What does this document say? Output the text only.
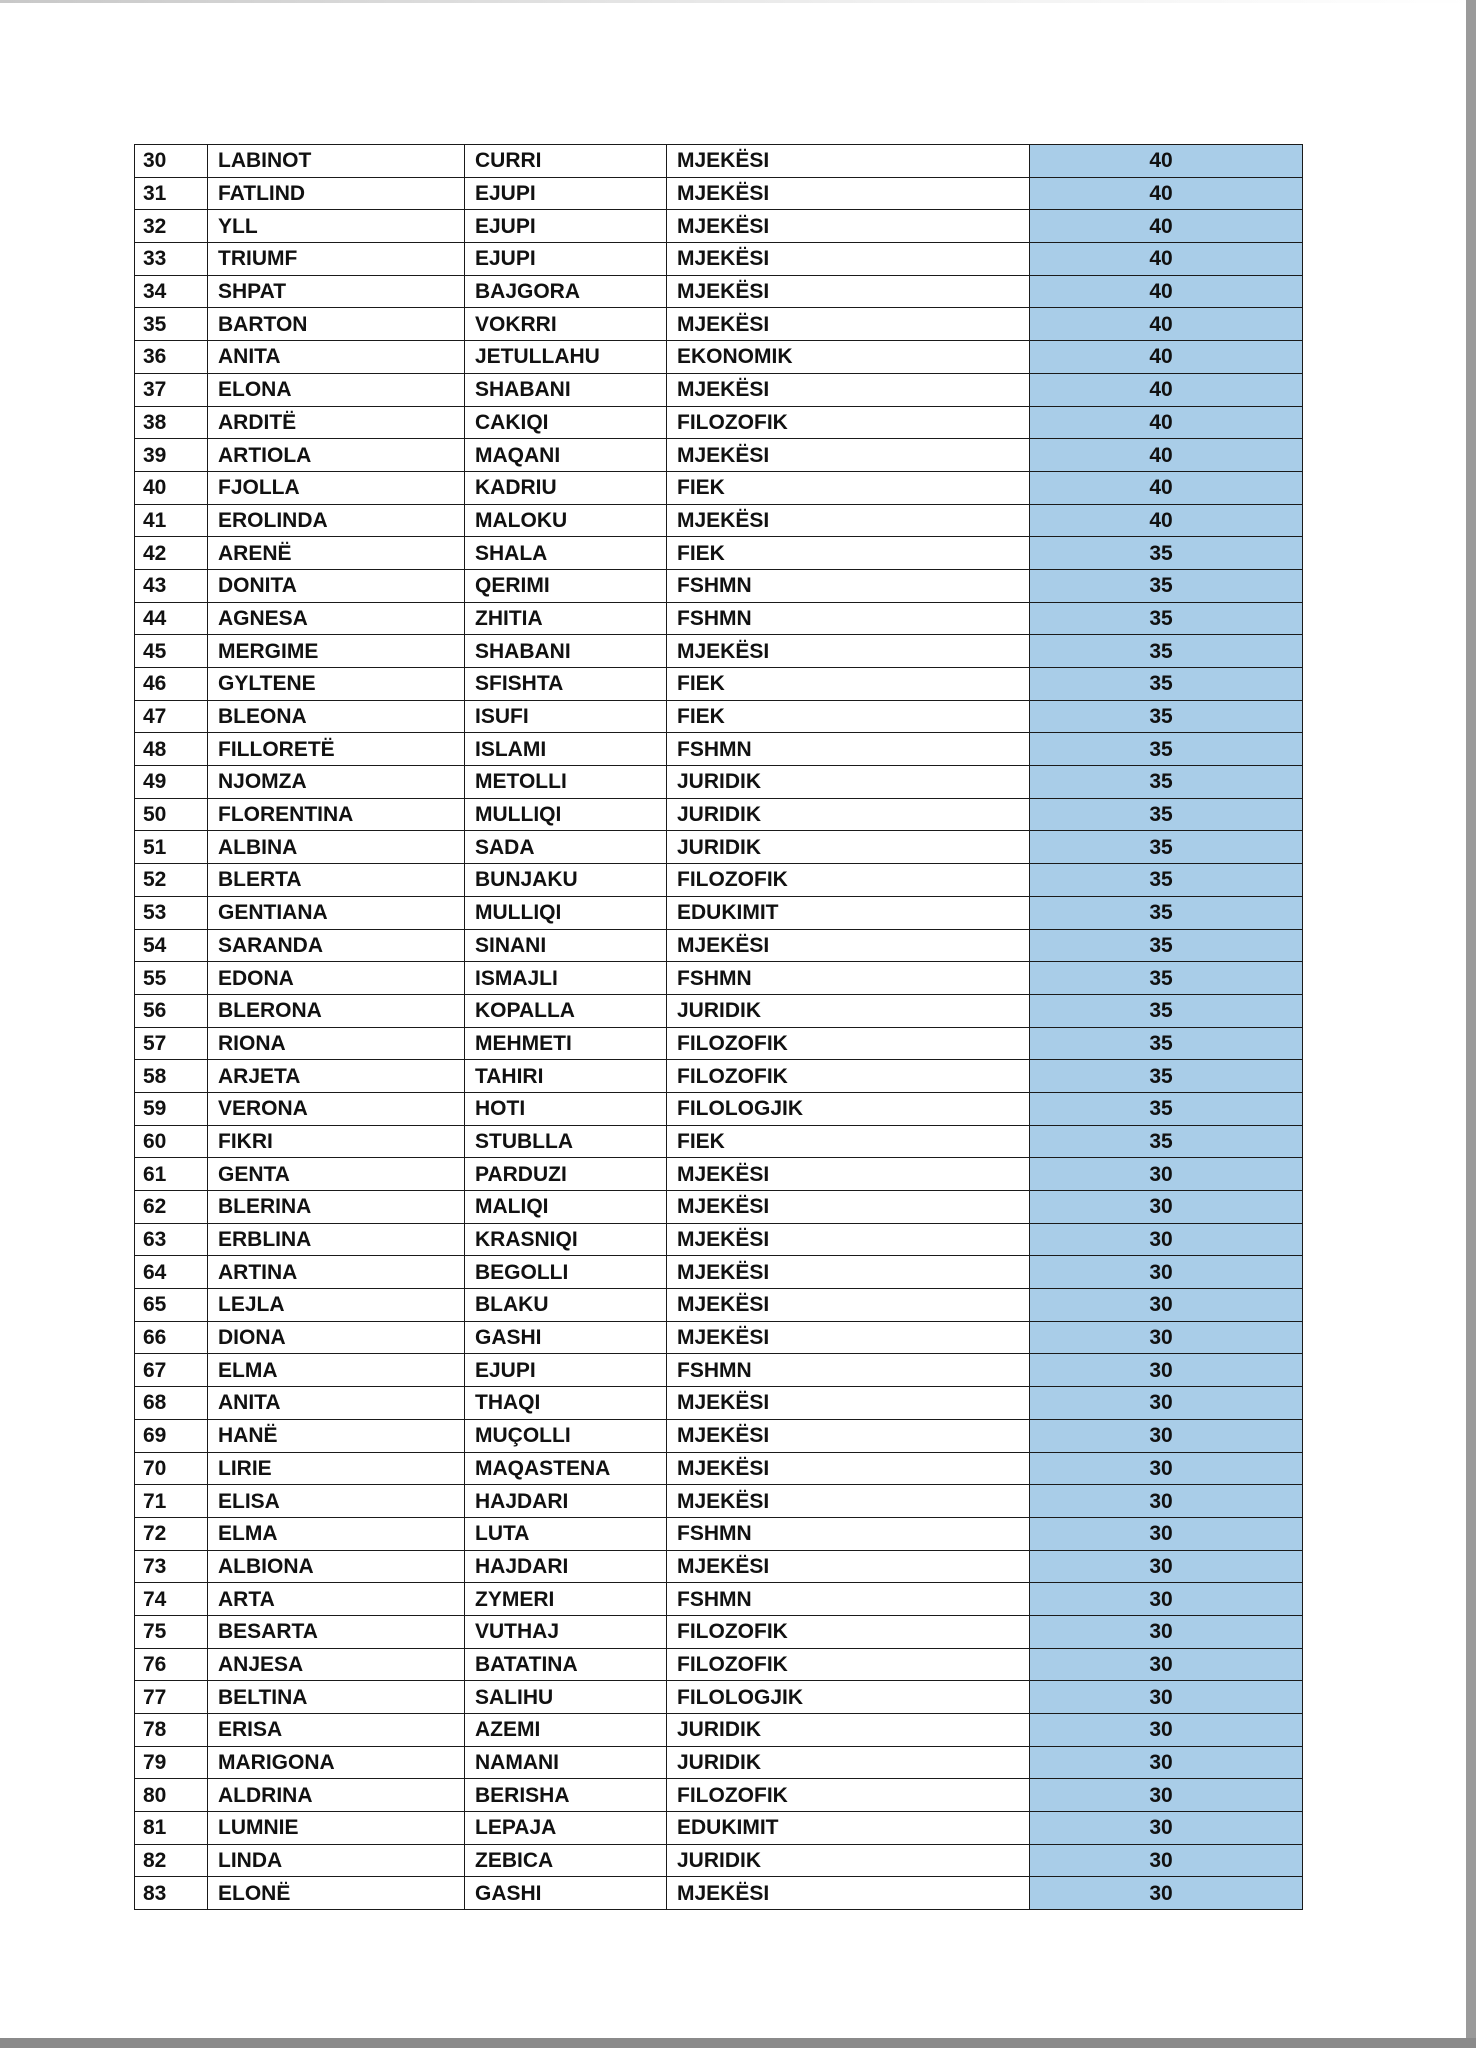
30	LABINOT	CURRI	MJEKËSI	40
31	FATLIND	EJUPI	MJEKËSI	40
32	YLL	EJUPI	MJEKËSI	40
33	TRIUMF	EJUPI	MJEKËSI	40
34	SHPAT	BAJGORA	MJEKËSI	40
35	BARTON	VOKRRI	MJEKËSI	40
36	ANITA	JETULLAHU	EKONOMIK	40
37	ELONA	SHABANI	MJEKËSI	40
38	ARDITË	CAKIQI	FILOZOFIK	40
39	ARTIOLA	MAQANI	MJEKËSI	40
40	FJOLLA	KADRIU	FIEK	40
41	EROLINDA	MALOKU	MJEKËSI	40
42	ARENË	SHALA	FIEK	35
43	DONITA	QERIMI	FSHMN	35
44	AGNESA	ZHITIA	FSHMN	35
45	MERGIME	SHABANI	MJEKËSI	35
46	GYLTENE	SFISHTA	FIEK	35
47	BLEONA	ISUFI	FIEK	35
48	FILLORETË	ISLAMI	FSHMN	35
49	NJOMZA	METOLLI	JURIDIK	35
50	FLORENTINA	MULLIQI	JURIDIK	35
51	ALBINA	SADA	JURIDIK	35
52	BLERTA	BUNJAKU	FILOZOFIK	35
53	GENTIANA	MULLIQI	EDUKIMIT	35
54	SARANDA	SINANI	MJEKËSI	35
55	EDONA	ISMAJLI	FSHMN	35
56	BLERONA	KOPALLA	JURIDIK	35
57	RIONA	MEHMETI	FILOZOFIK	35
58	ARJETA	TAHIRI	FILOZOFIK	35
59	VERONA	HOTI	FILOLOGJIK	35
60	FIKRI	STUBLLA	FIEK	35
61	GENTA	PARDUZI	MJEKËSI	30
62	BLERINA	MALIQI	MJEKËSI	30
63	ERBLINA	KRASNIQI	MJEKËSI	30
64	ARTINA	BEGOLLI	MJEKËSI	30
65	LEJLA	BLAKU	MJEKËSI	30
66	DIONA	GASHI	MJEKËSI	30
67	ELMA	EJUPI	FSHMN	30
68	ANITA	THAQI	MJEKËSI	30
69	HANË	MUÇOLLI	MJEKËSI	30
70	LIRIE	MAQASTENA	MJEKËSI	30
71	ELISA	HAJDARI	MJEKËSI	30
72	ELMA	LUTA	FSHMN	30
73	ALBIONA	HAJDARI	MJEKËSI	30
74	ARTA	ZYMERI	FSHMN	30
75	BESARTA	VUTHAJ	FILOZOFIK	30
76	ANJESA	BATATINA	FILOZOFIK	30
77	BELTINA	SALIHU	FILOLOGJIK	30
78	ERISA	AZEMI	JURIDIK	30
79	MARIGONA	NAMANI	JURIDIK	30
80	ALDRINA	BERISHA	FILOZOFIK	30
81	LUMNIE	LEPAJA	EDUKIMIT	30
82	LINDA	ZEBICA	JURIDIK	30
83	ELONË	GASHI	MJEKËSI	30
